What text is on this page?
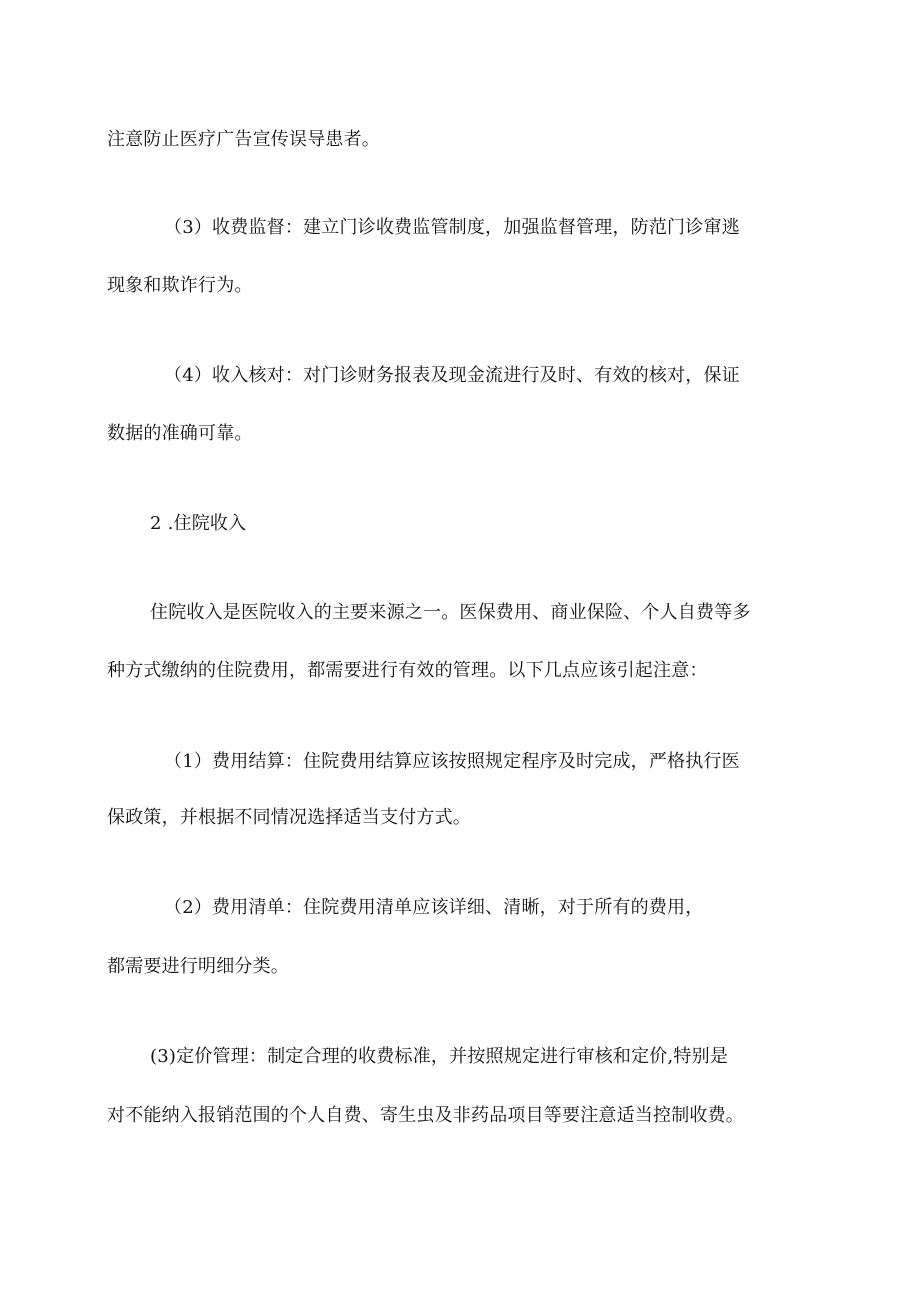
注意防止医疗广告宣传误导患者。
（3）收费监督：建立门诊收费监管制度，加强监督管理，防范门诊窜逃
现象和欺诈行为。
（4）收入核对：对门诊财务报表及现金流进行及时、有效的核对，保证
数据的准确可靠。
2 .住院收入
住院收入是医院收入的主要来源之一。医保费用、商业保险、个人自费等多
种方式缴纳的住院费用，都需要进行有效的管理。以下几点应该引起注意：
（1）费用结算：住院费用结算应该按照规定程序及时完成，严格执行医
保政策，并根据不同情况选择适当支付方式。
（2）费用清单：住院费用清单应该详细、清晰，对于所有的费用，
都需要进行明细分类。
(3)定价管理：制定合理的收费标准，并按照规定进行审核和定价,特别是
对不能纳入报销范围的个人自费、寄生虫及非药品项目等要注意适当控制收费。
